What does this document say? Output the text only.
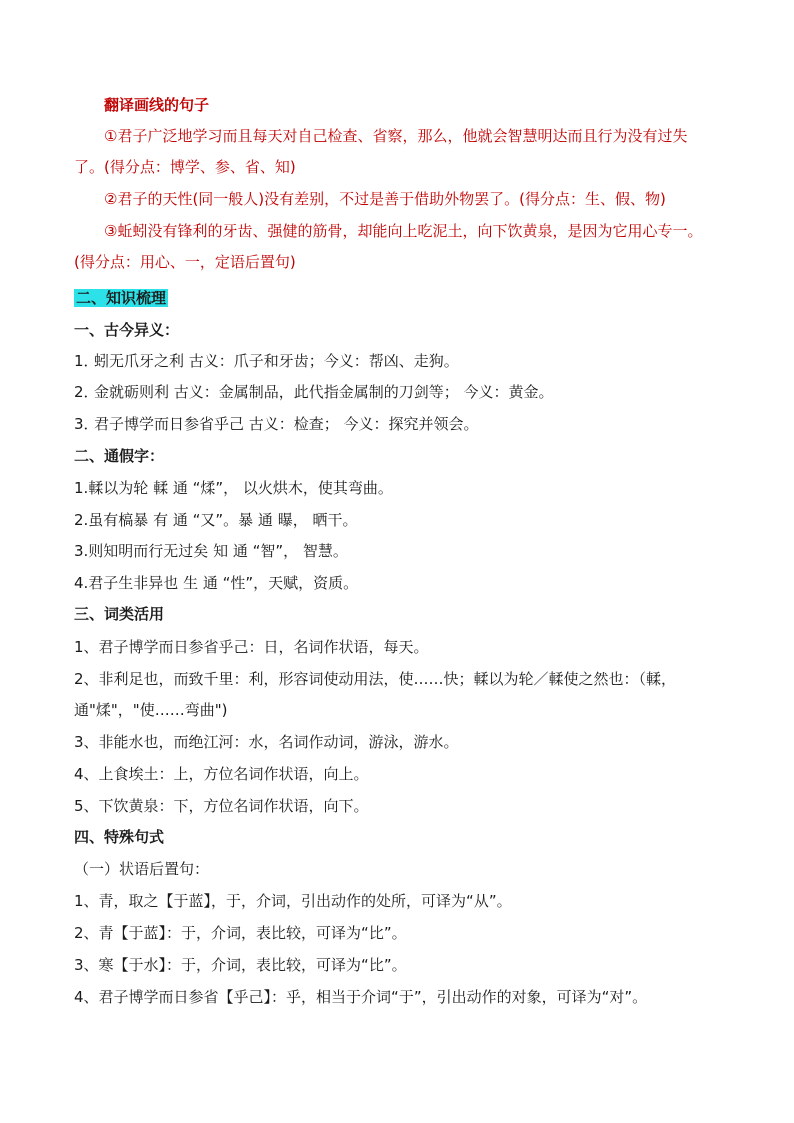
翻译画线的句子
①君子广泛地学习而且每天对自己检查、省察，那么，他就会智慧明达而且行为没有过失
了。(得分点：博学、参、省、知)
②君子的天性(同一般人)没有差别，不过是善于借助外物罢了。(得分点：生、假、物)
③蚯蚓没有锋利的牙齿、强健的筋骨，却能向上吃泥土，向下饮黄泉，是因为它用心专一。
(得分点：用心、一，定语后置句)
二、知识梳理
一、古今异义：
1．蚓无爪牙之利 古义：爪子和牙齿；今义：帮凶、走狗。
2．金就砺则利 古义：金属制品，此代指金属制的刀剑等； 今义：黄金。
3．君子博学而日参省乎己 古义：检查； 今义：探究并领会。
二、通假字：
1.輮以为轮 輮 通 “煣”， 以火烘木，使其弯曲。
2.虽有槁暴 有 通 “又”。暴 通 曝， 晒干。
3.则知明而行无过矣 知 通 “智”， 智慧。
4.君子生非异也 生 通 “性”，天赋，资质。
三、词类活用
1、君子博学而日参省乎己：日，名词作状语，每天。
2、非利足也，而致千里：利，形容词使动用法，使……快；輮以为轮／輮使之然也：（輮，
通"煣"，"使……弯曲")
3、非能水也，而绝江河：水，名词作动词，游泳，游水。
4、上食埃土：上，方位名词作状语，向上。
5、下饮黄泉：下，方位名词作状语，向下。
四、特殊句式
（一）状语后置句：
1、青，取之【于蓝】，于，介词，引出动作的处所，可译为“从”。
2、青【于蓝】：于，介词，表比较，可译为“比”。
3、寒【于水】：于，介词，表比较，可译为“比”。
4、君子博学而日参省【乎己】：乎，相当于介词“于”，引出动作的对象，可译为“对”。
